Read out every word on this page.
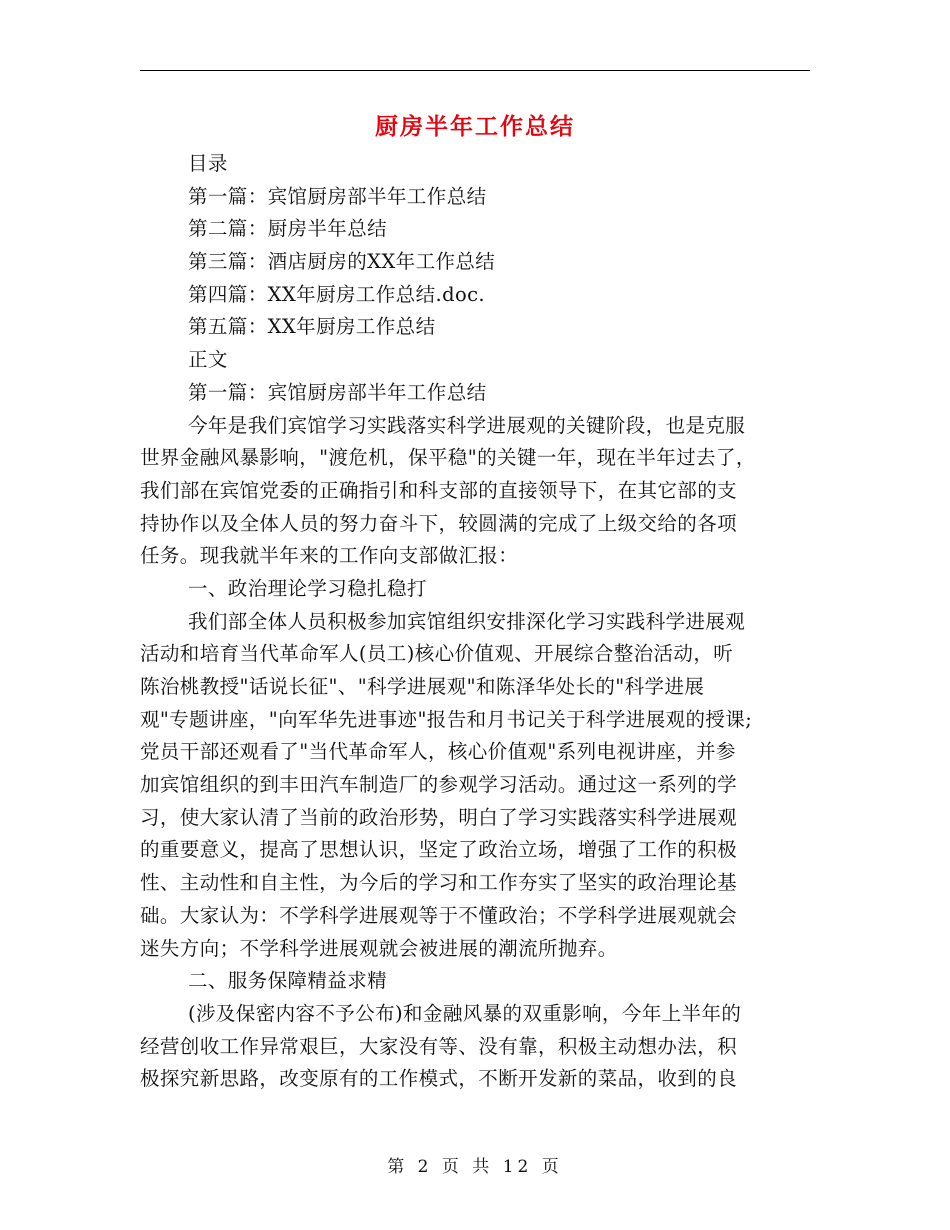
厨房半年工作总结
目录
第一篇：宾馆厨房部半年工作总结
第二篇：厨房半年总结
第三篇：酒店厨房的XX年工作总结
第四篇：XX年厨房工作总结.doc.
第五篇：XX年厨房工作总结
正文
第一篇：宾馆厨房部半年工作总结
今年是我们宾馆学习实践落实科学进展观的关键阶段，也是克服
世界金融风暴影响，"渡危机，保平稳"的关键一年，现在半年过去了，
我们部在宾馆党委的正确指引和科支部的直接领导下，在其它部的支
持协作以及全体人员的努力奋斗下，较圆满的完成了上级交给的各项
任务。现我就半年来的工作向支部做汇报：
一、政治理论学习稳扎稳打
我们部全体人员积极参加宾馆组织安排深化学习实践科学进展观
活动和培育当代革命军人(员工)核心价值观、开展综合整治活动，听
陈治桃教授"话说长征"、"科学进展观"和陈泽华处长的"科学进展
观"专题讲座，"向军华先进事迹"报告和月书记关于科学进展观的授课;
党员干部还观看了"当代革命军人，核心价值观"系列电视讲座，并参
加宾馆组织的到丰田汽车制造厂的参观学习活动。通过这一系列的学
习，使大家认清了当前的政治形势，明白了学习实践落实科学进展观
的重要意义，提高了思想认识，坚定了政治立场，增强了工作的积极
性、主动性和自主性，为今后的学习和工作夯实了坚实的政治理论基
础。大家认为：不学科学进展观等于不懂政治；不学科学进展观就会
迷失方向；不学科学进展观就会被进展的潮流所抛弃。
二、服务保障精益求精
(涉及保密内容不予公布)和金融风暴的双重影响，今年上半年的
经营创收工作异常艰巨，大家没有等、没有靠，积极主动想办法，积
极探究新思路，改变原有的工作模式，不断开发新的菜品，收到的良
第 2 页 共 12 页
